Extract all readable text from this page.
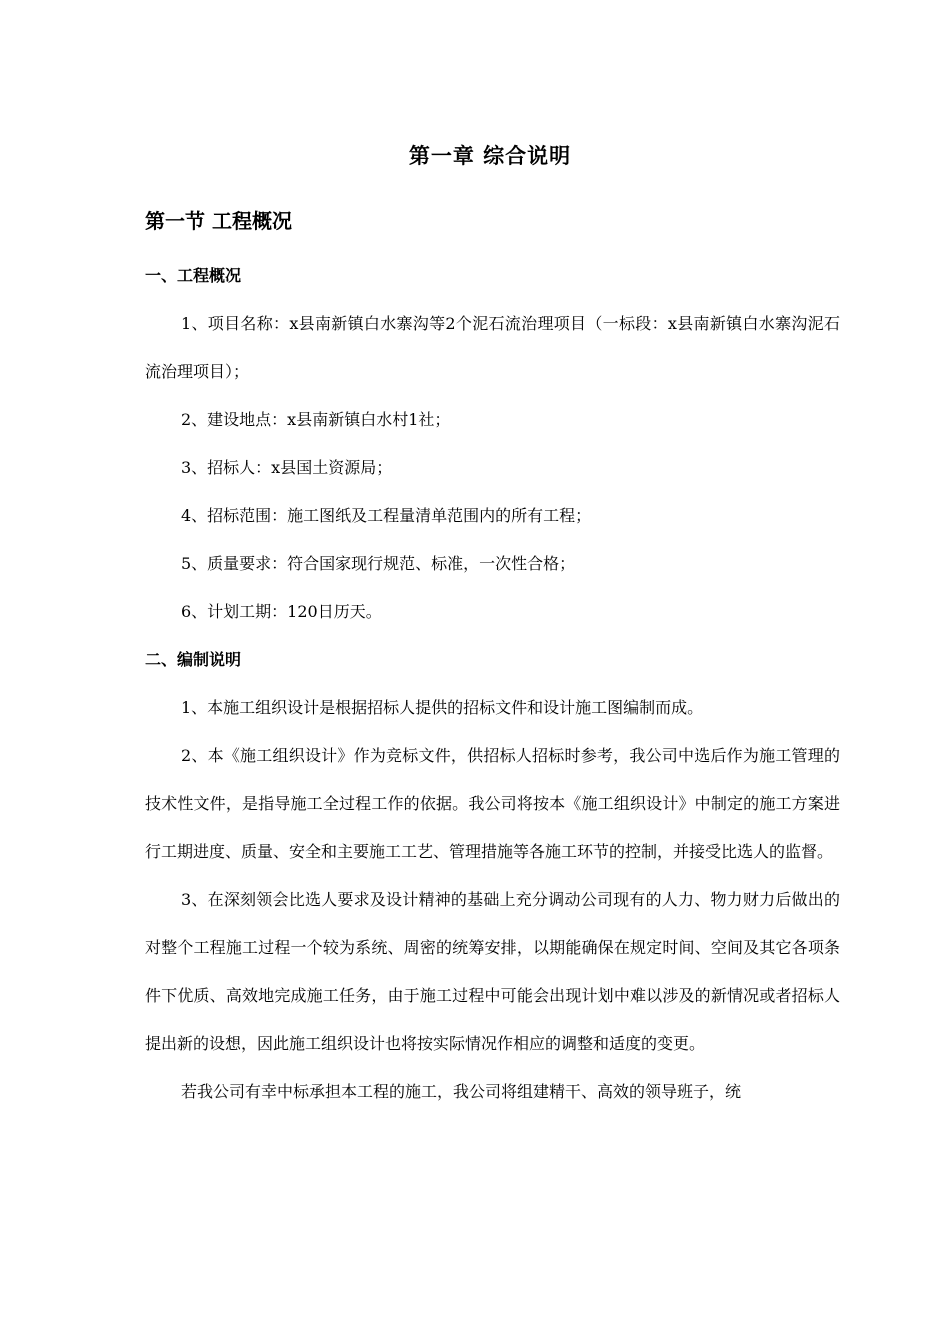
第一章 综合说明
第一节 工程概况
一、工程概况

1、项目名称：x县南新镇白水寨沟等2个泥石流治理项目（一标段：x县南新镇白水寨沟泥石流治理项目）；

2、建设地点：x县南新镇白水村1社；

3、招标人：x县国土资源局；

4、招标范围：施工图纸及工程量清单范围内的所有工程；

5、质量要求：符合国家现行规范、标准，一次性合格；

6、计划工期：120日历天。

二、编制说明

1、本施工组织设计是根据招标人提供的招标文件和设计施工图编制而成。

2、本《施工组织设计》作为竞标文件，供招标人招标时参考，我公司中选后作为施工管理的技术性文件，是指导施工全过程工作的依据。我公司将按本《施工组织设计》中制定的施工方案进行工期进度、质量、安全和主要施工工艺、管理措施等各施工环节的控制，并接受比选人的监督。

3、在深刻领会比选人要求及设计精神的基础上充分调动公司现有的人力、物力财力后做出的对整个工程施工过程一个较为系统、周密的统筹安排，以期能确保在规定时间、空间及其它各项条件下优质、高效地完成施工任务，由于施工过程中可能会出现计划中难以涉及的新情况或者招标人提出新的设想，因此施工组织设计也将按实际情况作相应的调整和适度的变更。

若我公司有幸中标承担本工程的施工，我公司将组建精干、高效的领导班子，统
